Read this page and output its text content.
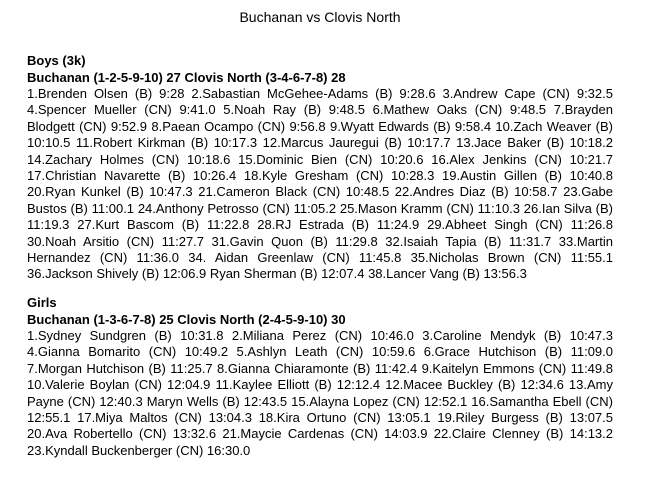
Buchanan vs Clovis North

Boys (3k)

Buchanan (1-2-5-9-10) 27 Clovis North (3-4-6-7-8) 28

1.Brenden Olsen (B) 9:28 2.Sabastian McGehee-Adams (B) 9:28.6 3.Andrew Cape (CN) 9:32.5 4.Spencer Mueller (CN) 9:41.0 5.Noah Ray (B) 9:48.5 6.Mathew Oaks (CN) 9:48.5 7.Brayden Blodgett (CN) 9:52.9 8.Paean Ocampo (CN) 9:56.8 9.Wyatt Edwards (B) 9:58.4 10.Zach Weaver (B) 10:10.5 11.Robert Kirkman (B) 10:17.3 12.Marcus Jauregui (B) 10:17.7 13.Jace Baker (B) 10:18.2 14.Zachary Holmes (CN) 10:18.6 15.Dominic Bien (CN) 10:20.6 16.Alex Jenkins (CN) 10:21.7 17.Christian Navarette (B) 10:26.4 18.Kyle Gresham (CN) 10:28.3 19.Austin Gillen (B) 10:40.8 20.Ryan Kunkel (B) 10:47.3 21.Cameron Black (CN) 10:48.5 22.Andres Diaz (B) 10:58.7 23.Gabe Bustos (B) 11:00.1 24.Anthony Petrosso (CN) 11:05.2 25.Mason Kramm (CN) 11:10.3 26.Ian Silva (B) 11:19.3 27.Kurt Bascom (B) 11:22.8 28.RJ Estrada (B) 11:24.9 29.Abheet Singh (CN) 11:26.8 30.Noah Arsitio (CN) 11:27.7 31.Gavin Quon (B) 11:29.8 32.Isaiah Tapia (B) 11:31.7 33.Martin Hernandez (CN) 11:36.0 34. Aidan Greenlaw (CN) 11:45.8 35.Nicholas Brown (CN) 11:55.1 36.Jackson Shively (B) 12:06.9 Ryan Sherman (B) 12:07.4 38.Lancer Vang (B) 13:56.3

Girls

Buchanan (1-3-6-7-8) 25 Clovis North (2-4-5-9-10) 30

1.Sydney Sundgren (B) 10:31.8 2.Miliana Perez (CN) 10:46.0 3.Caroline Mendyk (B) 10:47.3 4.Gianna Bomarito (CN) 10:49.2 5.Ashlyn Leath (CN) 10:59.6 6.Grace Hutchison (B) 11:09.0 7.Morgan Hutchison (B) 11:25.7 8.Gianna Chiaramonte (B) 11:42.4 9.Kaitelyn Emmons (CN) 11:49.8 10.Valerie Boylan (CN) 12:04.9 11.Kaylee Elliott (B) 12:12.4 12.Macee Buckley (B) 12:34.6 13.Amy Payne (CN) 12:40.3 Maryn Wells (B) 12:43.5 15.Alayna Lopez (CN) 12:52.1 16.Samantha Ebell (CN) 12:55.1 17.Miya Maltos (CN) 13:04.3 18.Kira Ortuno (CN) 13:05.1 19.Riley Burgess (B) 13:07.5 20.Ava Robertello (CN) 13:32.6 21.Maycie Cardenas (CN) 14:03.9 22.Claire Clenney (B) 14:13.2 23.Kyndall Buckenberger (CN) 16:30.0
